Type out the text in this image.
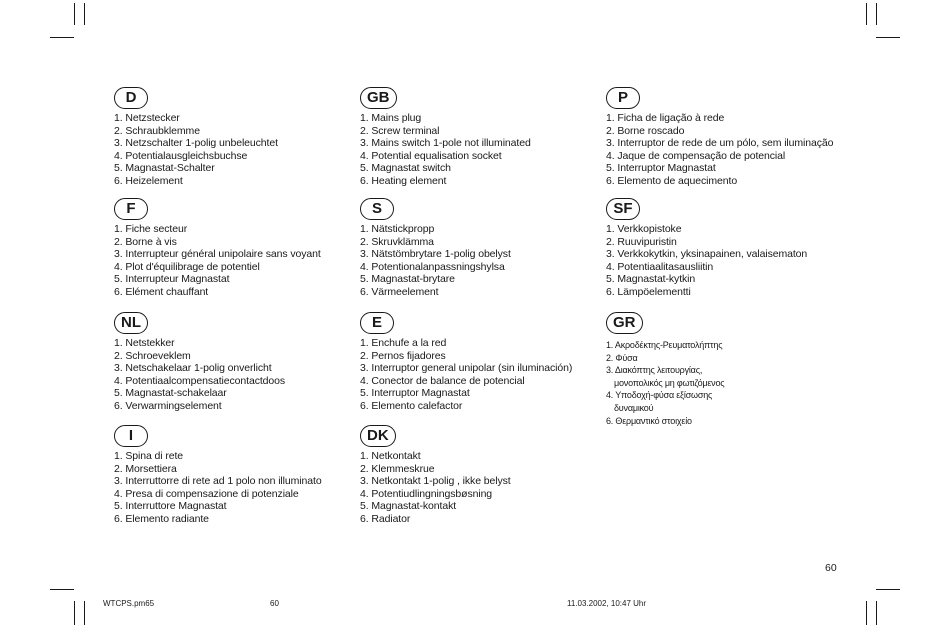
D
1. Netzstecker
2. Schraubklemme
3. Netzschalter 1-polig unbeleuchtet
4. Potentialausgleichsbuchse
5. Magnastat-Schalter
6. Heizelement
F
1. Fiche secteur
2. Borne à vis
3. Interrupteur général unipolaire sans voyant
4. Plot d'équilibrage de potentiel
5. Interrupteur Magnastat
6. Elément chauffant
NL
1. Netstekker
2. Schroeveklem
3. Netschakelaar 1-polig onverlicht
4. Potentiaalcompensatiecontactdoos
5. Magnastat-schakelaar
6. Verwarmingselement
I
1. Spina di rete
2. Morsettiera
3. Interruttorre di rete ad 1 polo non illuminato
4. Presa di compensazione di potenziale
5. Interruttore Magnastat
6. Elemento radiante
GB
1. Mains plug
2. Screw terminal
3. Mains switch 1-pole not illuminated
4. Potential equalisation socket
5. Magnastat switch
6. Heating element
S
1. Nätstickpropp
2. Skruvklämma
3. Nätstömbrytare 1-polig obelyst
4. Potentionalanpassningshylsa
5. Magnastat-brytare
6. Värmeelement
E
1. Enchufe a la red
2. Pernos fijadores
3. Interruptor general unipolar (sin iluminación)
4. Conector de balance de potencial
5. Interruptor Magnastat
6. Elemento calefactor
DK
1. Netkontakt
2. Klemmeskrue
3. Netkontakt 1-polig , ikke belyst
4. Potentiudlingningsbøsning
5. Magnastat-kontakt
6. Radiator
P
1. Ficha de ligação à rede
2. Borne roscado
3. Interruptor de rede de um pólo, sem iluminação
4. Jaque de compensação de potencial
5. Interruptor Magnastat
6. Elemento de aquecimento
SF
1. Verkkopistoke
2. Ruuvipuristin
3. Verkkokytkin, yksinapainen, valaisematon
4. Potentiaalitasausliitin
5. Magnastat-kytkin
6. Lämpöelementti
GR
1. Ακροδέκτης-Ρευματολήπτης
2. Φύσα
3. Διακόπτης λειτουργίας,
μονοπολικός μη φωτιζόμενος
4. Υποδοχή-φύσα εξίσωσης
δυναμικού
6. Θερμαντικό στοιχείο
60
WTCPS.pm65	60	11.03.2002, 10:47 Uhr
